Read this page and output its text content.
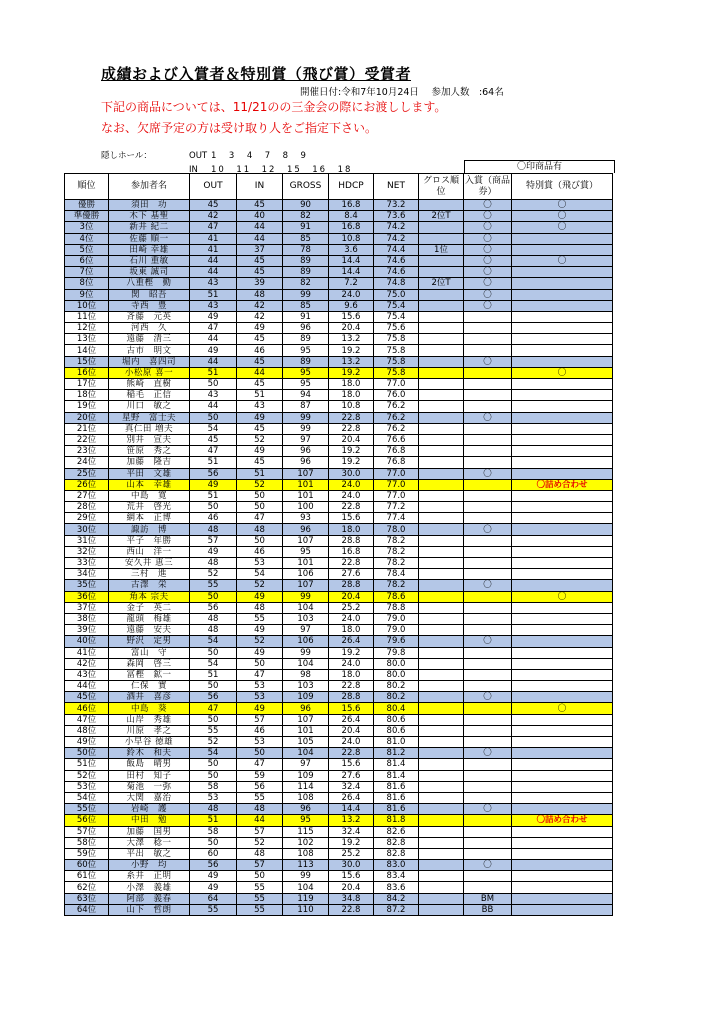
成績および入賞者＆特別賞（飛び賞）受賞者
開催日付:令和7年10月24日　 参加人数　:64名
下記の商品については、11/21のの三金会の際にお渡しします。
なお、欠席予定の方は受け取り人をご指定下さい。
隠しホール：	OUT 1　3　4　7　8　9
IN 10　11　12　15　16　18	〇印商品有
順位	参加者名	OUT	IN	GROSS	HDCP	NET	グロス順位	入賞（商品券）	特別賞（飛び賞）
優勝	須田　功	45	45	90	16.8	73.2		〇	〇
準優勝	木下 基聖	42	40	82	8.4	73.6	2位T	〇	〇
3位	新井 紀二	47	44	91	16.8	74.2		〇	〇
4位	佐藤 順一	41	44	85	10.8	74.2		〇	
5位	田崎 幸雄	41	37	78	3.6	74.4	1位	〇	
6位	石川 重敏	44	45	89	14.4	74.6		〇	〇
7位	坂東 誠司	44	45	89	14.4	74.6		〇	
8位	八重樫　勤	43	39	82	7.2	74.8	2位T	〇	
9位	関　昭吾	51	48	99	24.0	75.0		〇	
10位	寺西　豊	43	42	85	9.6	75.4		〇	
11位	斉藤　元英	49	42	91	15.6	75.4			
12位	河西　久	47	49	96	20.4	75.6			
13位	遠藤　清三	44	45	89	13.2	75.8			
14位	古市　明文	49	46	95	19.2	75.8			
15位	堀内　喜四司	44	45	89	13.2	75.8		〇	
16位	小松原 喜一	51	44	95	19.2	75.8			〇
17位	熊崎　直樹	50	45	95	18.0	77.0			
18位	稲毛　正信	43	51	94	18.0	76.0			
19位	川口　敏之	44	43	87	10.8	76.2			
20位	星野　富士夫	50	49	99	22.8	76.2		〇	
21位	真仁田 増夫	54	45	99	22.8	76.2			
22位	別井　宣夫	45	52	97	20.4	76.6			
23位	笹原　秀之	47	49	96	19.2	76.8			
24位	加藤　隆吉	51	45	96	19.2	76.8			
25位	平田　文雄	56	51	107	30.0	77.0		〇	
26位	山本　幸雄	49	52	101	24.0	77.0			〇詰め合わせ
27位	中島　寛	51	50	101	24.0	77.0			
28位	荒井　啓光	50	50	100	22.8	77.2			
29位	網本　正博	46	47	93	15.6	77.4			
30位	諏訪　博	48	48	96	18.0	78.0		〇	
31位	平子　年勝	57	50	107	28.8	78.2			
32位	西山　洋一	49	46	95	16.8	78.2			
33位	安久井 恵三	48	53	101	22.8	78.2			
34位	三村　進	52	54	106	27.6	78.4			
35位	古澤　栄	55	52	107	28.8	78.2		〇	
36位	角本 宗夫	50	49	99	20.4	78.6			〇
37位	金子　英二	56	48	104	25.2	78.8			
38位	龍頭　梅雄	48	55	103	24.0	79.0			
39位	遠藤　安夫	48	49	97	18.0	79.0			
40位	野沢　定男	54	52	106	26.4	79.6		〇	
41位	富山　守	50	49	99	19.2	79.8			
42位	森岡　啓三	54	50	104	24.0	80.0			
43位	冨樫　鉱一	51	47	98	18.0	80.0			
44位	仁保　實	50	53	103	22.8	80.2			
45位	酒井　喜彦	56	53	109	28.8	80.2		〇	
46位	中島　葵	47	49	96	15.6	80.4			〇
47位	山岸　秀雄	50	57	107	26.4	80.6			
48位	川原　孝之	55	46	101	20.4	80.6			
49位	小早谷 徳雄	52	53	105	24.0	81.0			
50位	鈴木　和夫	54	50	104	22.8	81.2		〇	
51位	飯島　晴男	50	47	97	15.6	81.4			
52位	田村　知子	50	59	109	27.6	81.4			
53位	菊池　一弥	58	56	114	32.4	81.6			
54位	大関　嘉治	53	55	108	26.4	81.6			
55位	岩崎　護	48	48	96	14.4	81.6		〇	
56位	中田　勉	51	44	95	13.2	81.8			〇詰め合わせ
57位	加藤　国男	58	57	115	32.4	82.6			
58位	大澤　稔一	50	52	102	19.2	82.8			
59位	平出　敏之	60	48	108	25.2	82.8			
60位	小野　均	56	57	113	30.0	83.0		〇	
61位	糸井　正明	49	50	99	15.6	83.4			
62位	小澤　義雄	49	55	104	20.4	83.6			
63位	阿部　義春	64	55	119	34.8	84.2		BM	
64位	山下　哲朗	55	55	110	22.8	87.2		BB	
